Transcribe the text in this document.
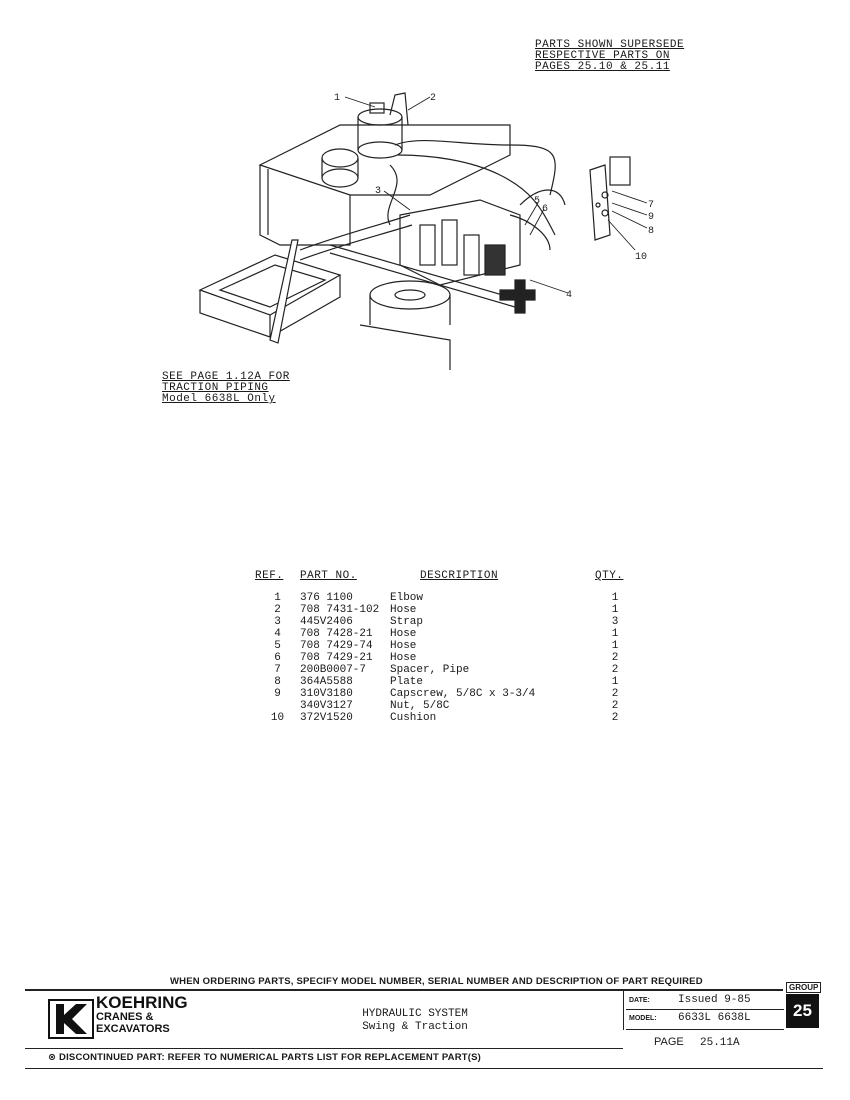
PARTS SHOWN SUPERSEDE
RESPECTIVE PARTS ON
PAGES 25.10 & 25.11
1	2
3
4
5
6	7
9
8
10
SEE PAGE 1.12A FOR
TRACTION PIPING
Model 6638L Only
REF.	PART NO.	DESCRIPTION	QTY.
1	376 1100	Elbow	1
2	708 7431-102	Hose	1
3	445V2406	Strap	3
4	708 7428-21	Hose	1
5	708 7429-74	Hose	1
6	708 7429-21	Hose	2
7	200B0007-7	Spacer, Pipe	2
8	364A5588	Plate	1
9	310V3180	Capscrew, 5/8C x 3-3/4	2
	340V3127	Nut, 5/8C	2
10	372V1520	Cushion	2
WHEN ORDERING PARTS, SPECIFY MODEL NUMBER, SERIAL NUMBER AND DESCRIPTION OF PART REQUIRED
KOEHRING
CRANES &
EXCAVATORS
HYDRAULIC SYSTEM
Swing & Traction
DATE:	Issued 9-85
MODEL: 6633L 6638L
PAGE 25.11A
GROUP
25
⊗ DISCONTINUED PART: REFER TO NUMERICAL PARTS LIST FOR REPLACEMENT PART(S)
